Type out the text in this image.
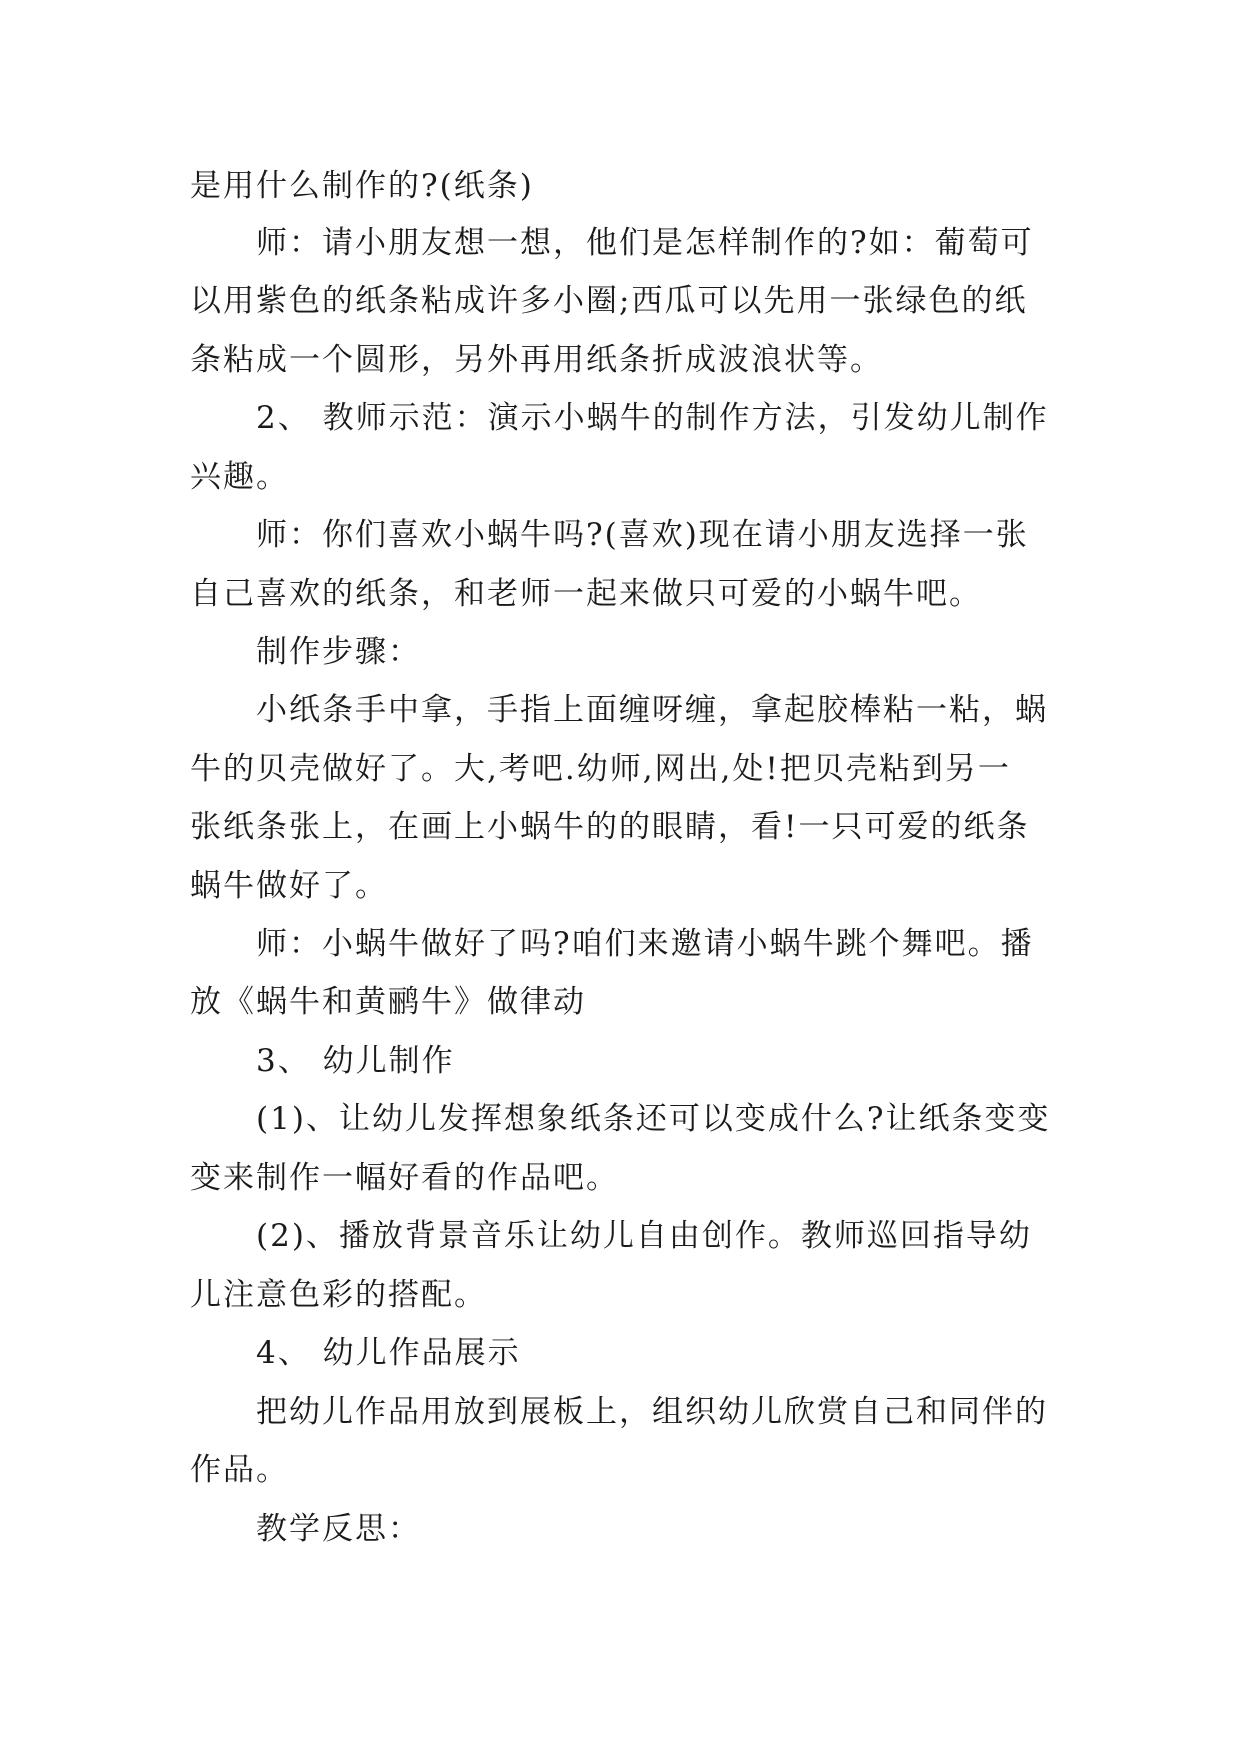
是用什么制作的?(纸条)
师：请小朋友想一想，他们是怎样制作的?如：葡萄可
以用紫色的纸条粘成许多小圈;西瓜可以先用一张绿色的纸
条粘成一个圆形，另外再用纸条折成波浪状等。
2、 教师示范：演示小蜗牛的制作方法，引发幼儿制作
兴趣。
师：你们喜欢小蜗牛吗?(喜欢)现在请小朋友选择一张
自己喜欢的纸条，和老师一起来做只可爱的小蜗牛吧。
制作步骤：
小纸条手中拿，手指上面缠呀缠，拿起胶棒粘一粘，蜗
牛的贝壳做好了。大,考吧.幼师,网出,处!把贝壳粘到另一
张纸条张上，在画上小蜗牛的的眼睛，看!一只可爱的纸条
蜗牛做好了。
师：小蜗牛做好了吗?咱们来邀请小蜗牛跳个舞吧。播
放《蜗牛和黄鹂牛》做律动
3、 幼儿制作
(1)、让幼儿发挥想象纸条还可以变成什么?让纸条变变
变来制作一幅好看的作品吧。
(2)、播放背景音乐让幼儿自由创作。教师巡回指导幼
儿注意色彩的搭配。
4、 幼儿作品展示
把幼儿作品用放到展板上，组织幼儿欣赏自己和同伴的
作品。
教学反思：
